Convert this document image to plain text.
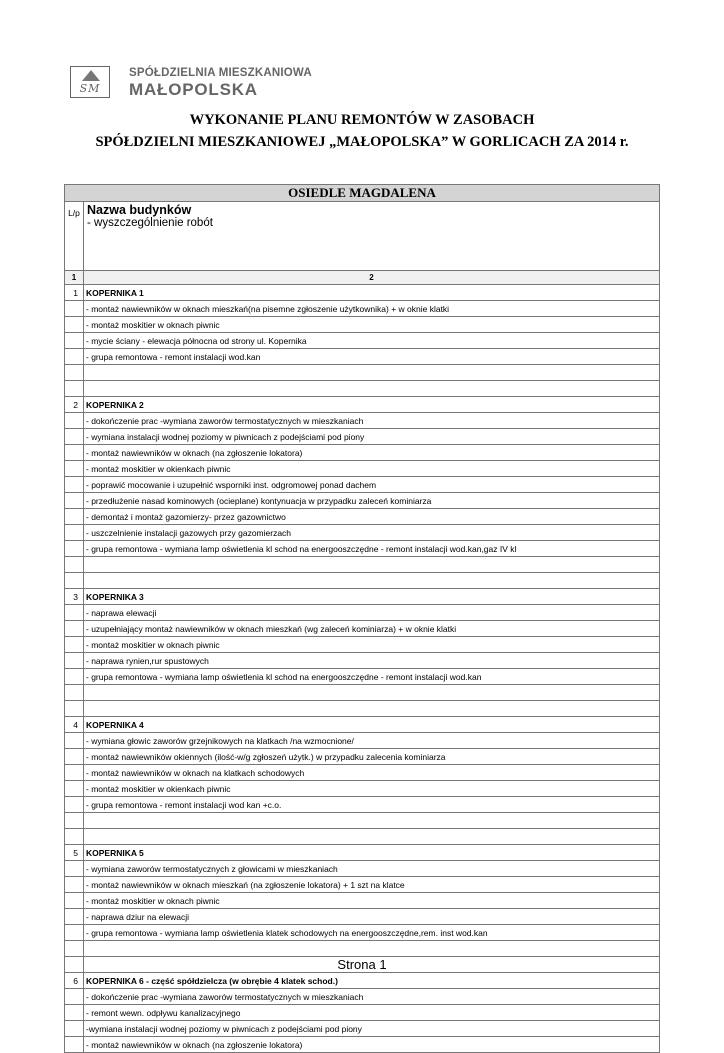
SM
SPÓŁDZIELNIA MIESZKANIOWA
MAŁOPOLSKA
WYKONANIE PLANU REMONTÓW W ZASOBACH
SPÓŁDZIELNI MIESZKANIOWEJ „MAŁOPOLSKA” W GORLICACH ZA 2014 r.
OSIEDLE MAGDALENA	
L/p	Nazwa budynków
- wyszczególnienie robót

1	2
1	KOPERNIKA 1
	- montaż nawiewników w oknach mieszkań(na pisemne zgłoszenie użytkownika) + w oknie klatki
	- montaż moskitier w oknach piwnic
	- mycie ściany - elewacja północna od strony ul. Kopernika
	- grupa remontowa - remont instalacji wod.kan

2	KOPERNIKA 2
	- dokończenie prac -wymiana zaworów termostatycznych w mieszkaniach
	- wymiana instalacji wodnej poziomy w piwnicach z podejściami pod piony
	- montaż nawiewników w oknach (na zgłoszenie lokatora)
	- montaż moskitier w okienkach piwnic
	- poprawić mocowanie i uzupełnić wsporniki inst. odgromowej ponad dachem
	- przedłużenie nasad kominowych (ocieplane) kontynuacja w przypadku zaleceń kominiarza
	- demontaż i montaż gazomierzy- przez gazownictwo
	- uszczelnienie instalacji gazowych przy gazomierzach
	- grupa remontowa - wymiana lamp oświetlenia kl schod na energooszczędne - remont instalacji wod.kan,gaz IV kl

3	KOPERNIKA 3
	- naprawa elewacji
	- uzupełniający montaż nawiewników w oknach mieszkań (wg zaleceń kominiarza) + w oknie klatki
	- montaż moskitier w oknach piwnic
	- naprawa rynien,rur spustowych
	- grupa remontowa - wymiana lamp oświetlenia kl schod na energooszczędne - remont instalacji wod.kan

4	KOPERNIKA 4
	- wymiana głowic zaworów grzejnikowych na klatkach /na wzmocnione/
	- montaż nawiewników okiennych (ilość-w/g zgłoszeń użytk.) w przypadku zalecenia kominiarza
	- montaż nawiewników w oknach na klatkach schodowych
	- montaż moskitier w okienkach piwnic
	- grupa remontowa - remont instalacji wod kan +c.o.

5	KOPERNIKA 5
	- wymiana zaworów termostatycznych z głowicami w mieszkaniach
	- montaż nawiewników w oknach mieszkań (na zgłoszenie lokatora) + 1 szt na klatce
	- montaż moskitier w oknach piwnic
	- naprawa dziur na elewacji
	- grupa remontowa - wymiana lamp oświetlenia klatek schodowych na energooszczędne,rem. inst wod.kan

6	KOPERNIKA 6 - część spółdzielcza (w obrębie 4 klatek schod.)
	- dokończenie prac -wymiana zaworów termostatycznych w mieszkaniach
	- remont wewn. odpływu kanalizacyjnego
	-wymiana instalacji wodnej poziomy w piwnicach z podejściami pod piony
	- montaż nawiewników w oknach (na zgłoszenie lokatora)
Strona 1
